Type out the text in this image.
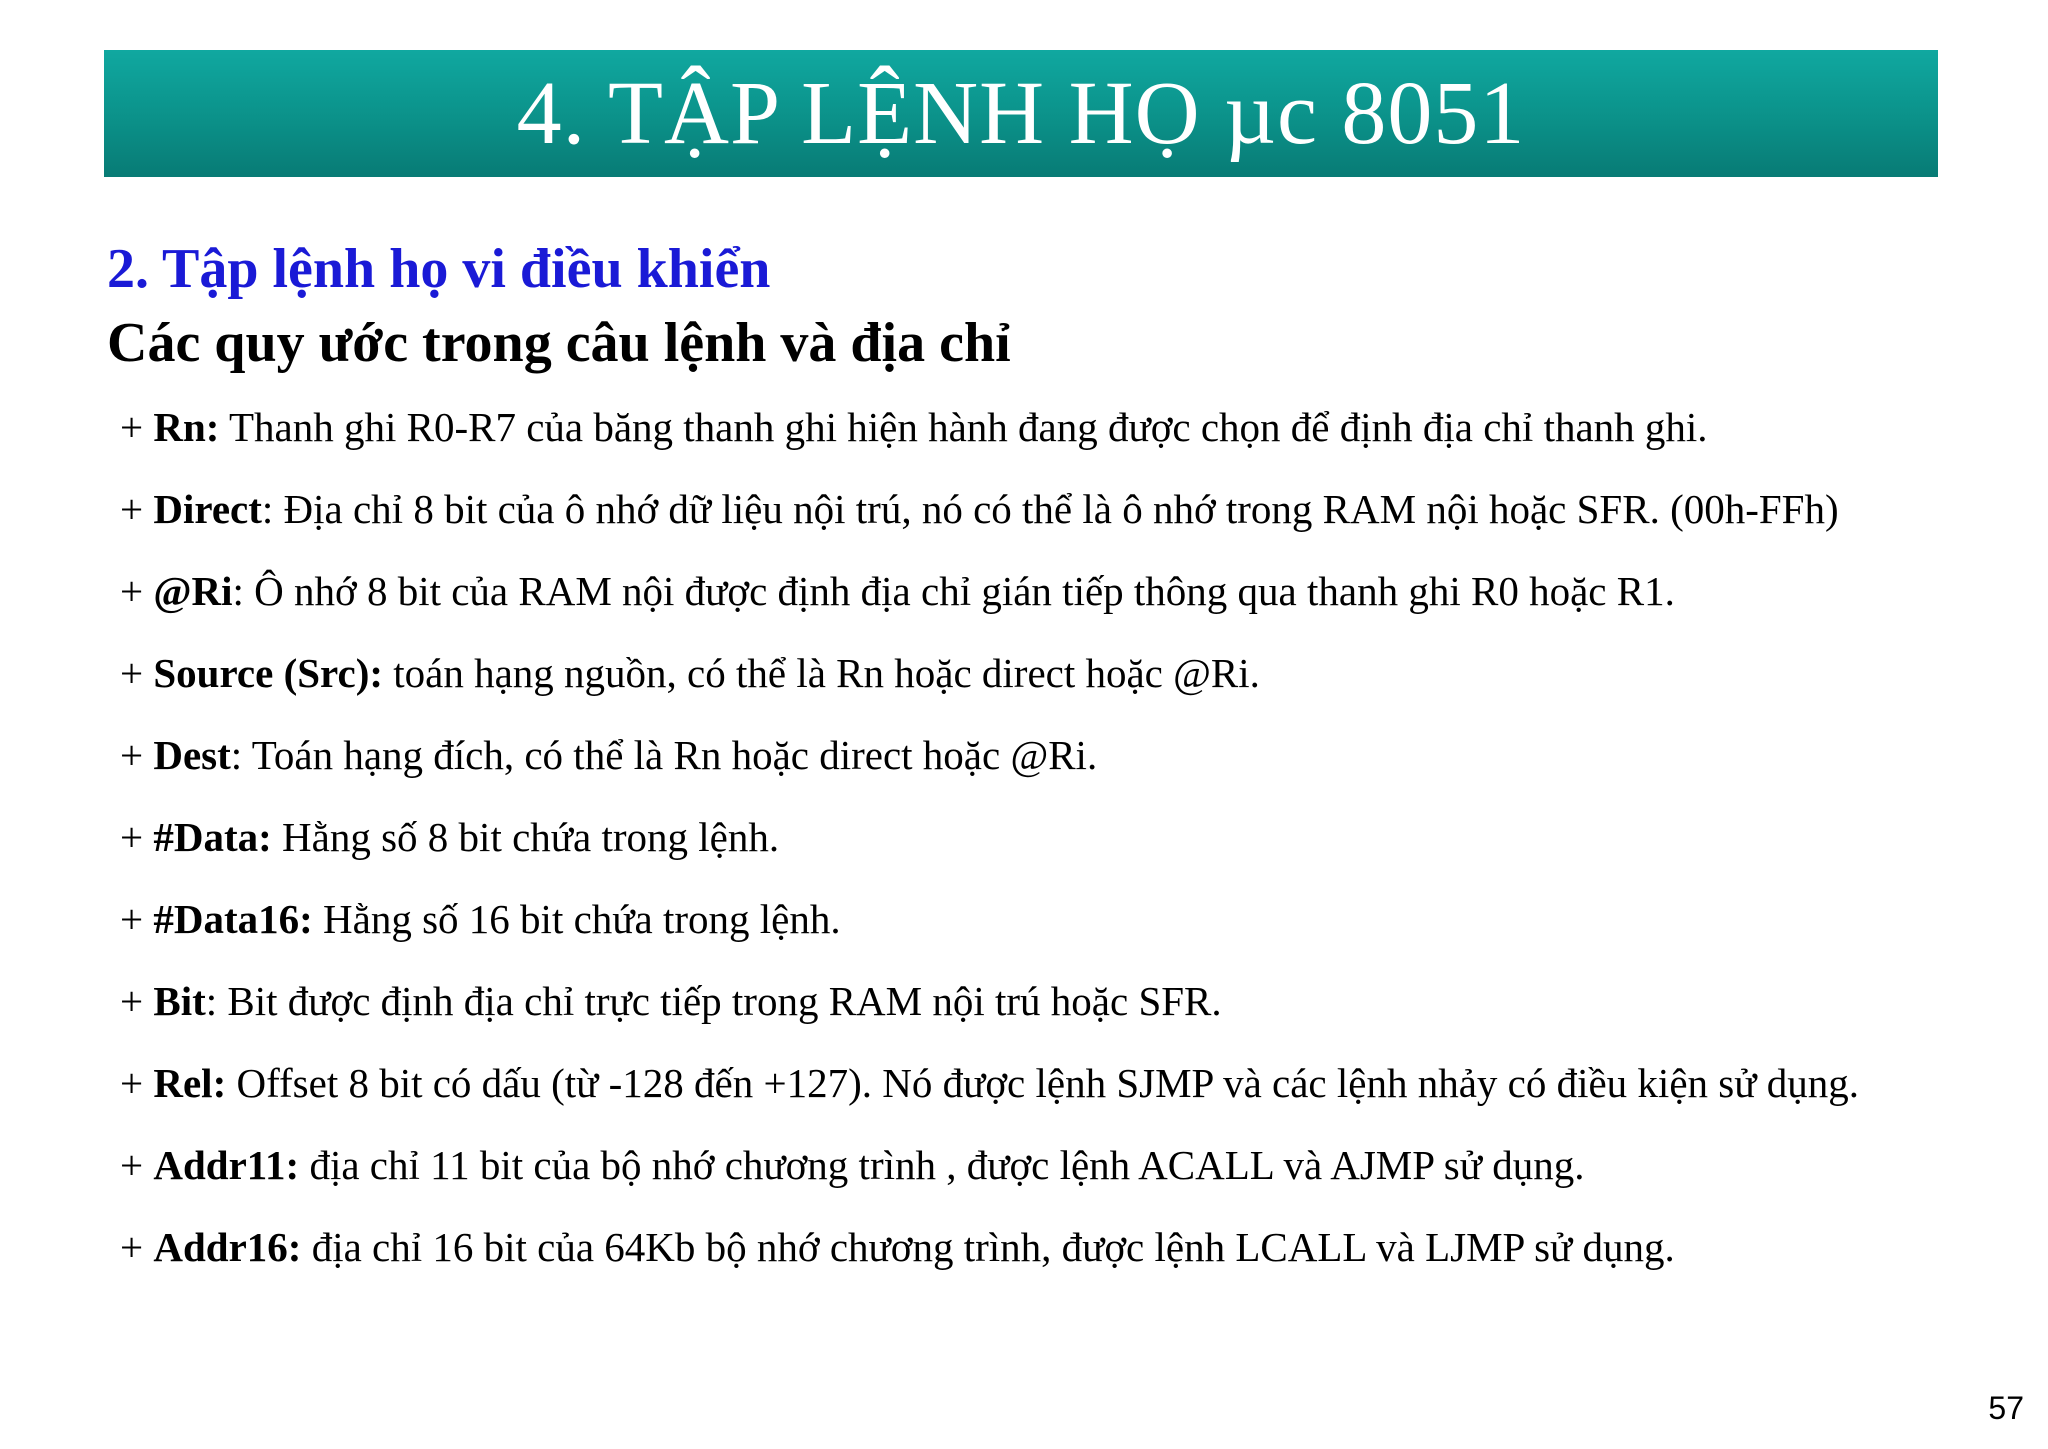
4. TẬP LỆNH HỌ µc 8051
2. Tập lệnh họ vi điều khiển
Các quy ước trong câu lệnh và địa chỉ
+ Rn: Thanh ghi R0-R7 của băng thanh ghi hiện hành đang được chọn để định địa chỉ thanh ghi.
+ Direct: Địa chỉ 8 bit của ô nhớ dữ liệu nội trú, nó có thể là ô nhớ trong RAM nội hoặc SFR. (00h-FFh)
+ @Ri: Ô nhớ 8 bit của RAM nội được định địa chỉ gián tiếp thông qua thanh ghi R0 hoặc R1.
+ Source (Src): toán hạng nguồn, có thể là Rn hoặc direct hoặc @Ri.
+ Dest: Toán hạng đích, có thể là Rn hoặc direct hoặc @Ri.
+ #Data: Hằng số 8 bit chứa trong lệnh.
+ #Data16: Hằng số 16 bit chứa trong lệnh.
+ Bit: Bit được định địa chỉ trực tiếp trong RAM nội trú hoặc SFR.
+ Rel: Offset 8 bit có dấu (từ -128 đến +127). Nó được lệnh SJMP và các lệnh nhảy có điều kiện sử dụng.
+ Addr11: địa chỉ 11 bit của bộ nhớ chương trình , được lệnh ACALL và AJMP sử dụng.
+ Addr16: địa chỉ 16 bit của 64Kb bộ nhớ chương trình, được lệnh LCALL và LJMP sử dụng.
57
